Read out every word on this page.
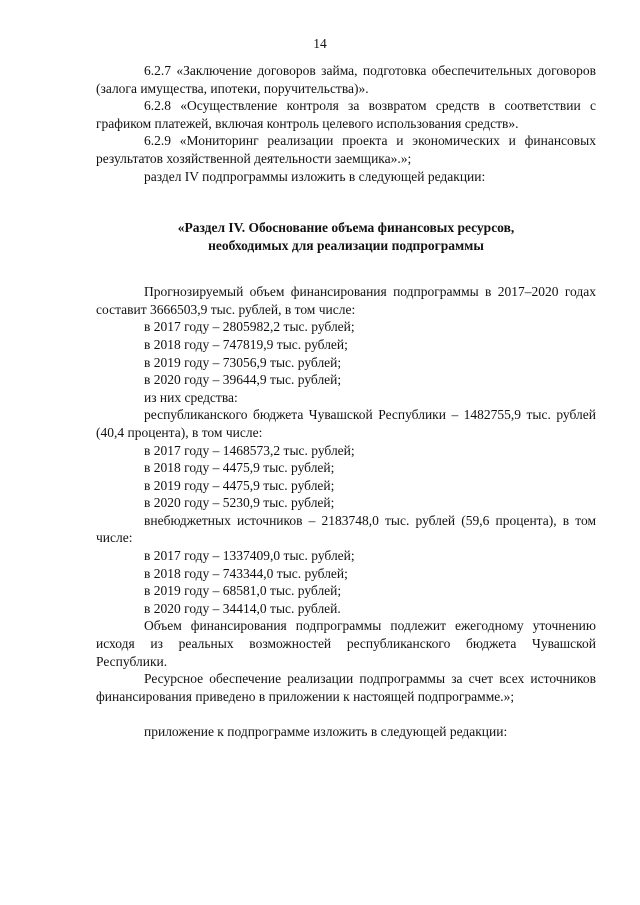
14

6.2.7 «Заключение договоров займа, подготовка обеспечительных договоров (залога имущества, ипотеки, поручительства)».

6.2.8 «Осуществление контроля за возвратом средств в соответствии с графиком платежей, включая контроль целевого использования средств».

6.2.9 «Мониторинг реализации проекта и экономических и финансовых результатов хозяйственной деятельности заемщика».»;

раздел IV подпрограммы изложить в следующей редакции:

«Раздел IV. Обоснование объема финансовых ресурсов,
необходимых для реализации подпрограммы

Прогнозируемый объем финансирования подпрограммы в 2017–2020 годах составит 3666503,9 тыс. рублей, в том числе:

в 2017 году – 2805982,2 тыс. рублей;

в 2018 году – 747819,9 тыс. рублей;

в 2019 году – 73056,9 тыс. рублей;

в 2020 году – 39644,9 тыс. рублей;

из них средства:

республиканского бюджета Чувашской Республики – 1482755,9 тыс. рублей (40,4 процента), в том числе:

в 2017 году – 1468573,2 тыс. рублей;

в 2018 году – 4475,9 тыс. рублей;

в 2019 году – 4475,9 тыс. рублей;

в 2020 году – 5230,9 тыс. рублей;

внебюджетных источников – 2183748,0 тыс. рублей (59,6 процента), в том числе:

в 2017 году – 1337409,0 тыс. рублей;

в 2018 году – 743344,0 тыс. рублей;

в 2019 году – 68581,0 тыс. рублей;

в 2020 году – 34414,0 тыс. рублей.

Объем финансирования подпрограммы подлежит ежегодному уточнению исходя из реальных возможностей республиканского бюджета Чувашской Республики.

Ресурсное обеспечение реализации подпрограммы за счет всех источников финансирования приведено в приложении к настоящей подпрограмме.»;

приложение к подпрограмме изложить в следующей редакции:
